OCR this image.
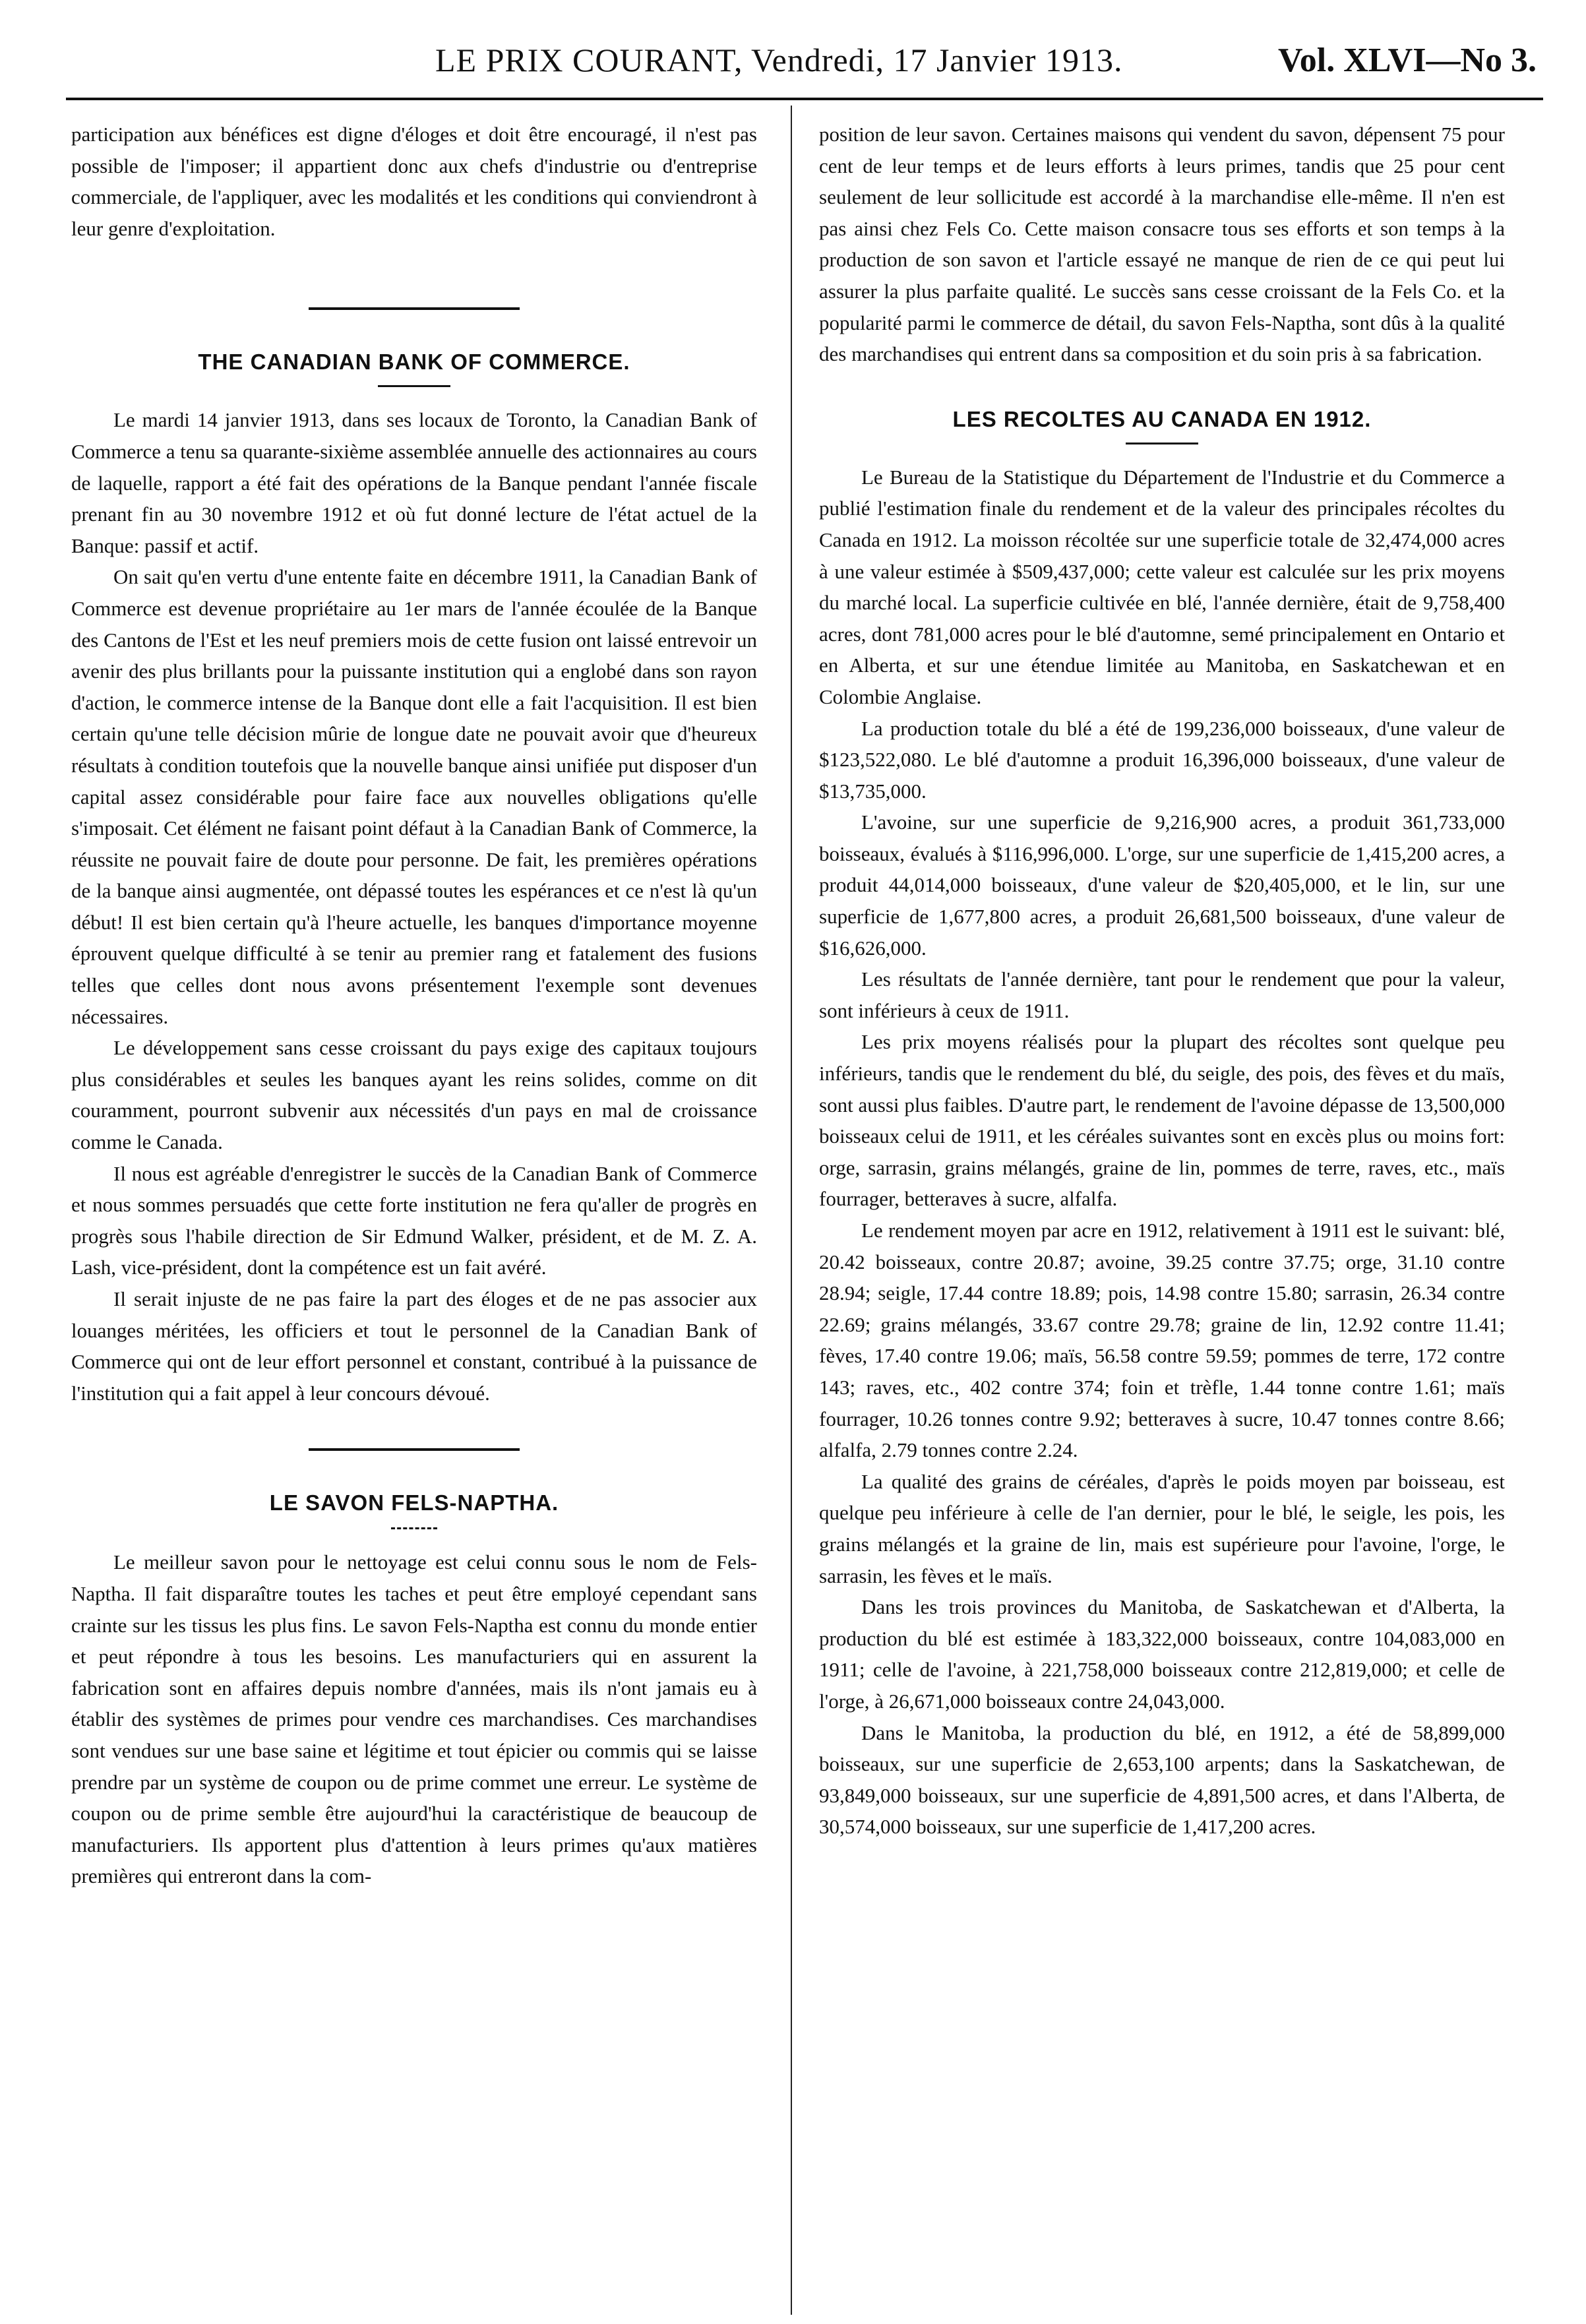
LE PRIX COURANT, Vendredi, 17 Janvier 1913.	Vol. XLVI—No 3.

participation aux bénéfices est digne d'éloges et doit être encouragé, il n'est pas possible de l'imposer; il appartient donc aux chefs d'industrie ou d'entreprise commerciale, de l'appliquer, avec les modalités et les conditions qui conviendront à leur genre d'exploitation.

THE CANADIAN BANK OF COMMERCE.

Le mardi 14 janvier 1913, dans ses locaux de Toronto, la Canadian Bank of Commerce a tenu sa quarante-sixième assemblée annuelle des actionnaires au cours de laquelle, rapport a été fait des opérations de la Banque pendant l'année fiscale prenant fin au 30 novembre 1912 et où fut donné lecture de l'état actuel de la Banque: passif et actif.

On sait qu'en vertu d'une entente faite en décembre 1911, la Canadian Bank of Commerce est devenue propriétaire au 1er mars de l'année écoulée de la Banque des Cantons de l'Est et les neuf premiers mois de cette fusion ont laissé entrevoir un avenir des plus brillants pour la puissante institution qui a englobé dans son rayon d'action, le commerce intense de la Banque dont elle a fait l'acquisition. Il est bien certain qu'une telle décision mûrie de longue date ne pouvait avoir que d'heureux résultats à condition toutefois que la nouvelle banque ainsi unifiée put disposer d'un capital assez considérable pour faire face aux nouvelles obligations qu'elle s'imposait. Cet élément ne faisant point défaut à la Canadian Bank of Commerce, la réussite ne pouvait faire de doute pour personne. De fait, les premières opérations de la banque ainsi augmentée, ont dépassé toutes les espérances et ce n'est là qu'un début! Il est bien certain qu'à l'heure actuelle, les banques d'importance moyenne éprouvent quelque difficulté à se tenir au premier rang et fatalement des fusions telles que celles dont nous avons présentement l'exemple sont devenues nécessaires.

Le développement sans cesse croissant du pays exige des capitaux toujours plus considérables et seules les banques ayant les reins solides, comme on dit couramment, pourront subvenir aux nécessités d'un pays en mal de croissance comme le Canada.

Il nous est agréable d'enregistrer le succès de la Canadian Bank of Commerce et nous sommes persuadés que cette forte institution ne fera qu'aller de progrès en progrès sous l'habile direction de Sir Edmund Walker, président, et de M. Z. A. Lash, vice-président, dont la compétence est un fait avéré.

Il serait injuste de ne pas faire la part des éloges et de ne pas associer aux louanges méritées, les officiers et tout le personnel de la Canadian Bank of Commerce qui ont de leur effort personnel et constant, contribué à la puissance de l'institution qui a fait appel à leur concours dévoué.

LE SAVON FELS-NAPTHA.

Le meilleur savon pour le nettoyage est celui connu sous le nom de Fels-Naptha. Il fait disparaître toutes les taches et peut être employé cependant sans crainte sur les tissus les plus fins. Le savon Fels-Naptha est connu du monde entier et peut répondre à tous les besoins. Les manufacturiers qui en assurent la fabrication sont en affaires depuis nombre d'années, mais ils n'ont jamais eu à établir des systèmes de primes pour vendre ces marchandises. Ces marchandises sont vendues sur une base saine et légitime et tout épicier ou commis qui se laisse prendre par un système de coupon ou de prime commet une erreur. Le système de coupon ou de prime semble être aujourd'hui la caractéristique de beaucoup de manufacturiers. Ils apportent plus d'attention à leurs primes qu'aux matières premières qui entreront dans la com-

position de leur savon. Certaines maisons qui vendent du savon, dépensent 75 pour cent de leur temps et de leurs efforts à leurs primes, tandis que 25 pour cent seulement de leur sollicitude est accordé à la marchandise elle-même. Il n'en est pas ainsi chez Fels Co. Cette maison consacre tous ses efforts et son temps à la production de son savon et l'article essayé ne manque de rien de ce qui peut lui assurer la plus parfaite qualité. Le succès sans cesse croissant de la Fels Co. et la popularité parmi le commerce de détail, du savon Fels-Naptha, sont dûs à la qualité des marchandises qui entrent dans sa composition et du soin pris à sa fabrication.

LES RECOLTES AU CANADA EN 1912.

Le Bureau de la Statistique du Département de l'Industrie et du Commerce a publié l'estimation finale du rendement et de la valeur des principales récoltes du Canada en 1912. La moisson récoltée sur une superficie totale de 32,474,000 acres à une valeur estimée à $509,437,000; cette valeur est calculée sur les prix moyens du marché local. La superficie cultivée en blé, l'année dernière, était de 9,758,400 acres, dont 781,000 acres pour le blé d'automne, semé principalement en Ontario et en Alberta, et sur une étendue limitée au Manitoba, en Saskatchewan et en Colombie Anglaise.

La production totale du blé a été de 199,236,000 boisseaux, d'une valeur de $123,522,080. Le blé d'automne a produit 16,396,000 boisseaux, d'une valeur de $13,735,000.

L'avoine, sur une superficie de 9,216,900 acres, a produit 361,733,000 boisseaux, évalués à $116,996,000. L'orge, sur une superficie de 1,415,200 acres, a produit 44,014,000 boisseaux, d'une valeur de $20,405,000, et le lin, sur une superficie de 1,677,800 acres, a produit 26,681,500 boisseaux, d'une valeur de $16,626,000.

Les résultats de l'année dernière, tant pour le rendement que pour la valeur, sont inférieurs à ceux de 1911.

Les prix moyens réalisés pour la plupart des récoltes sont quelque peu inférieurs, tandis que le rendement du blé, du seigle, des pois, des fèves et du maïs, sont aussi plus faibles. D'autre part, le rendement de l'avoine dépasse de 13,500,000 boisseaux celui de 1911, et les céréales suivantes sont en excès plus ou moins fort: orge, sarrasin, grains mélangés, graine de lin, pommes de terre, raves, etc., maïs fourrager, betteraves à sucre, alfalfa.

Le rendement moyen par acre en 1912, relativement à 1911 est le suivant: blé, 20.42 boisseaux, contre 20.87; avoine, 39.25 contre 37.75; orge, 31.10 contre 28.94; seigle, 17.44 contre 18.89; pois, 14.98 contre 15.80; sarrasin, 26.34 contre 22.69; grains mélangés, 33.67 contre 29.78; graine de lin, 12.92 contre 11.41; fèves, 17.40 contre 19.06; maïs, 56.58 contre 59.59; pommes de terre, 172 contre 143; raves, etc., 402 contre 374; foin et trèfle, 1.44 tonne contre 1.61; maïs fourrager, 10.26 tonnes contre 9.92; betteraves à sucre, 10.47 tonnes contre 8.66; alfalfa, 2.79 tonnes contre 2.24.

La qualité des grains de céréales, d'après le poids moyen par boisseau, est quelque peu inférieure à celle de l'an dernier, pour le blé, le seigle, les pois, les grains mélangés et la graine de lin, mais est supérieure pour l'avoine, l'orge, le sarrasin, les fèves et le maïs.

Dans les trois provinces du Manitoba, de Saskatchewan et d'Alberta, la production du blé est estimée à 183,322,000 boisseaux, contre 104,083,000 en 1911; celle de l'avoine, à 221,758,000 boisseaux contre 212,819,000; et celle de l'orge, à 26,671,000 boisseaux contre 24,043,000.

Dans le Manitoba, la production du blé, en 1912, a été de 58,899,000 boisseaux, sur une superficie de 2,653,100 arpents; dans la Saskatchewan, de 93,849,000 boisseaux, sur une superficie de 4,891,500 acres, et dans l'Alberta, de 30,574,000 boisseaux, sur une superficie de 1,417,200 acres.
